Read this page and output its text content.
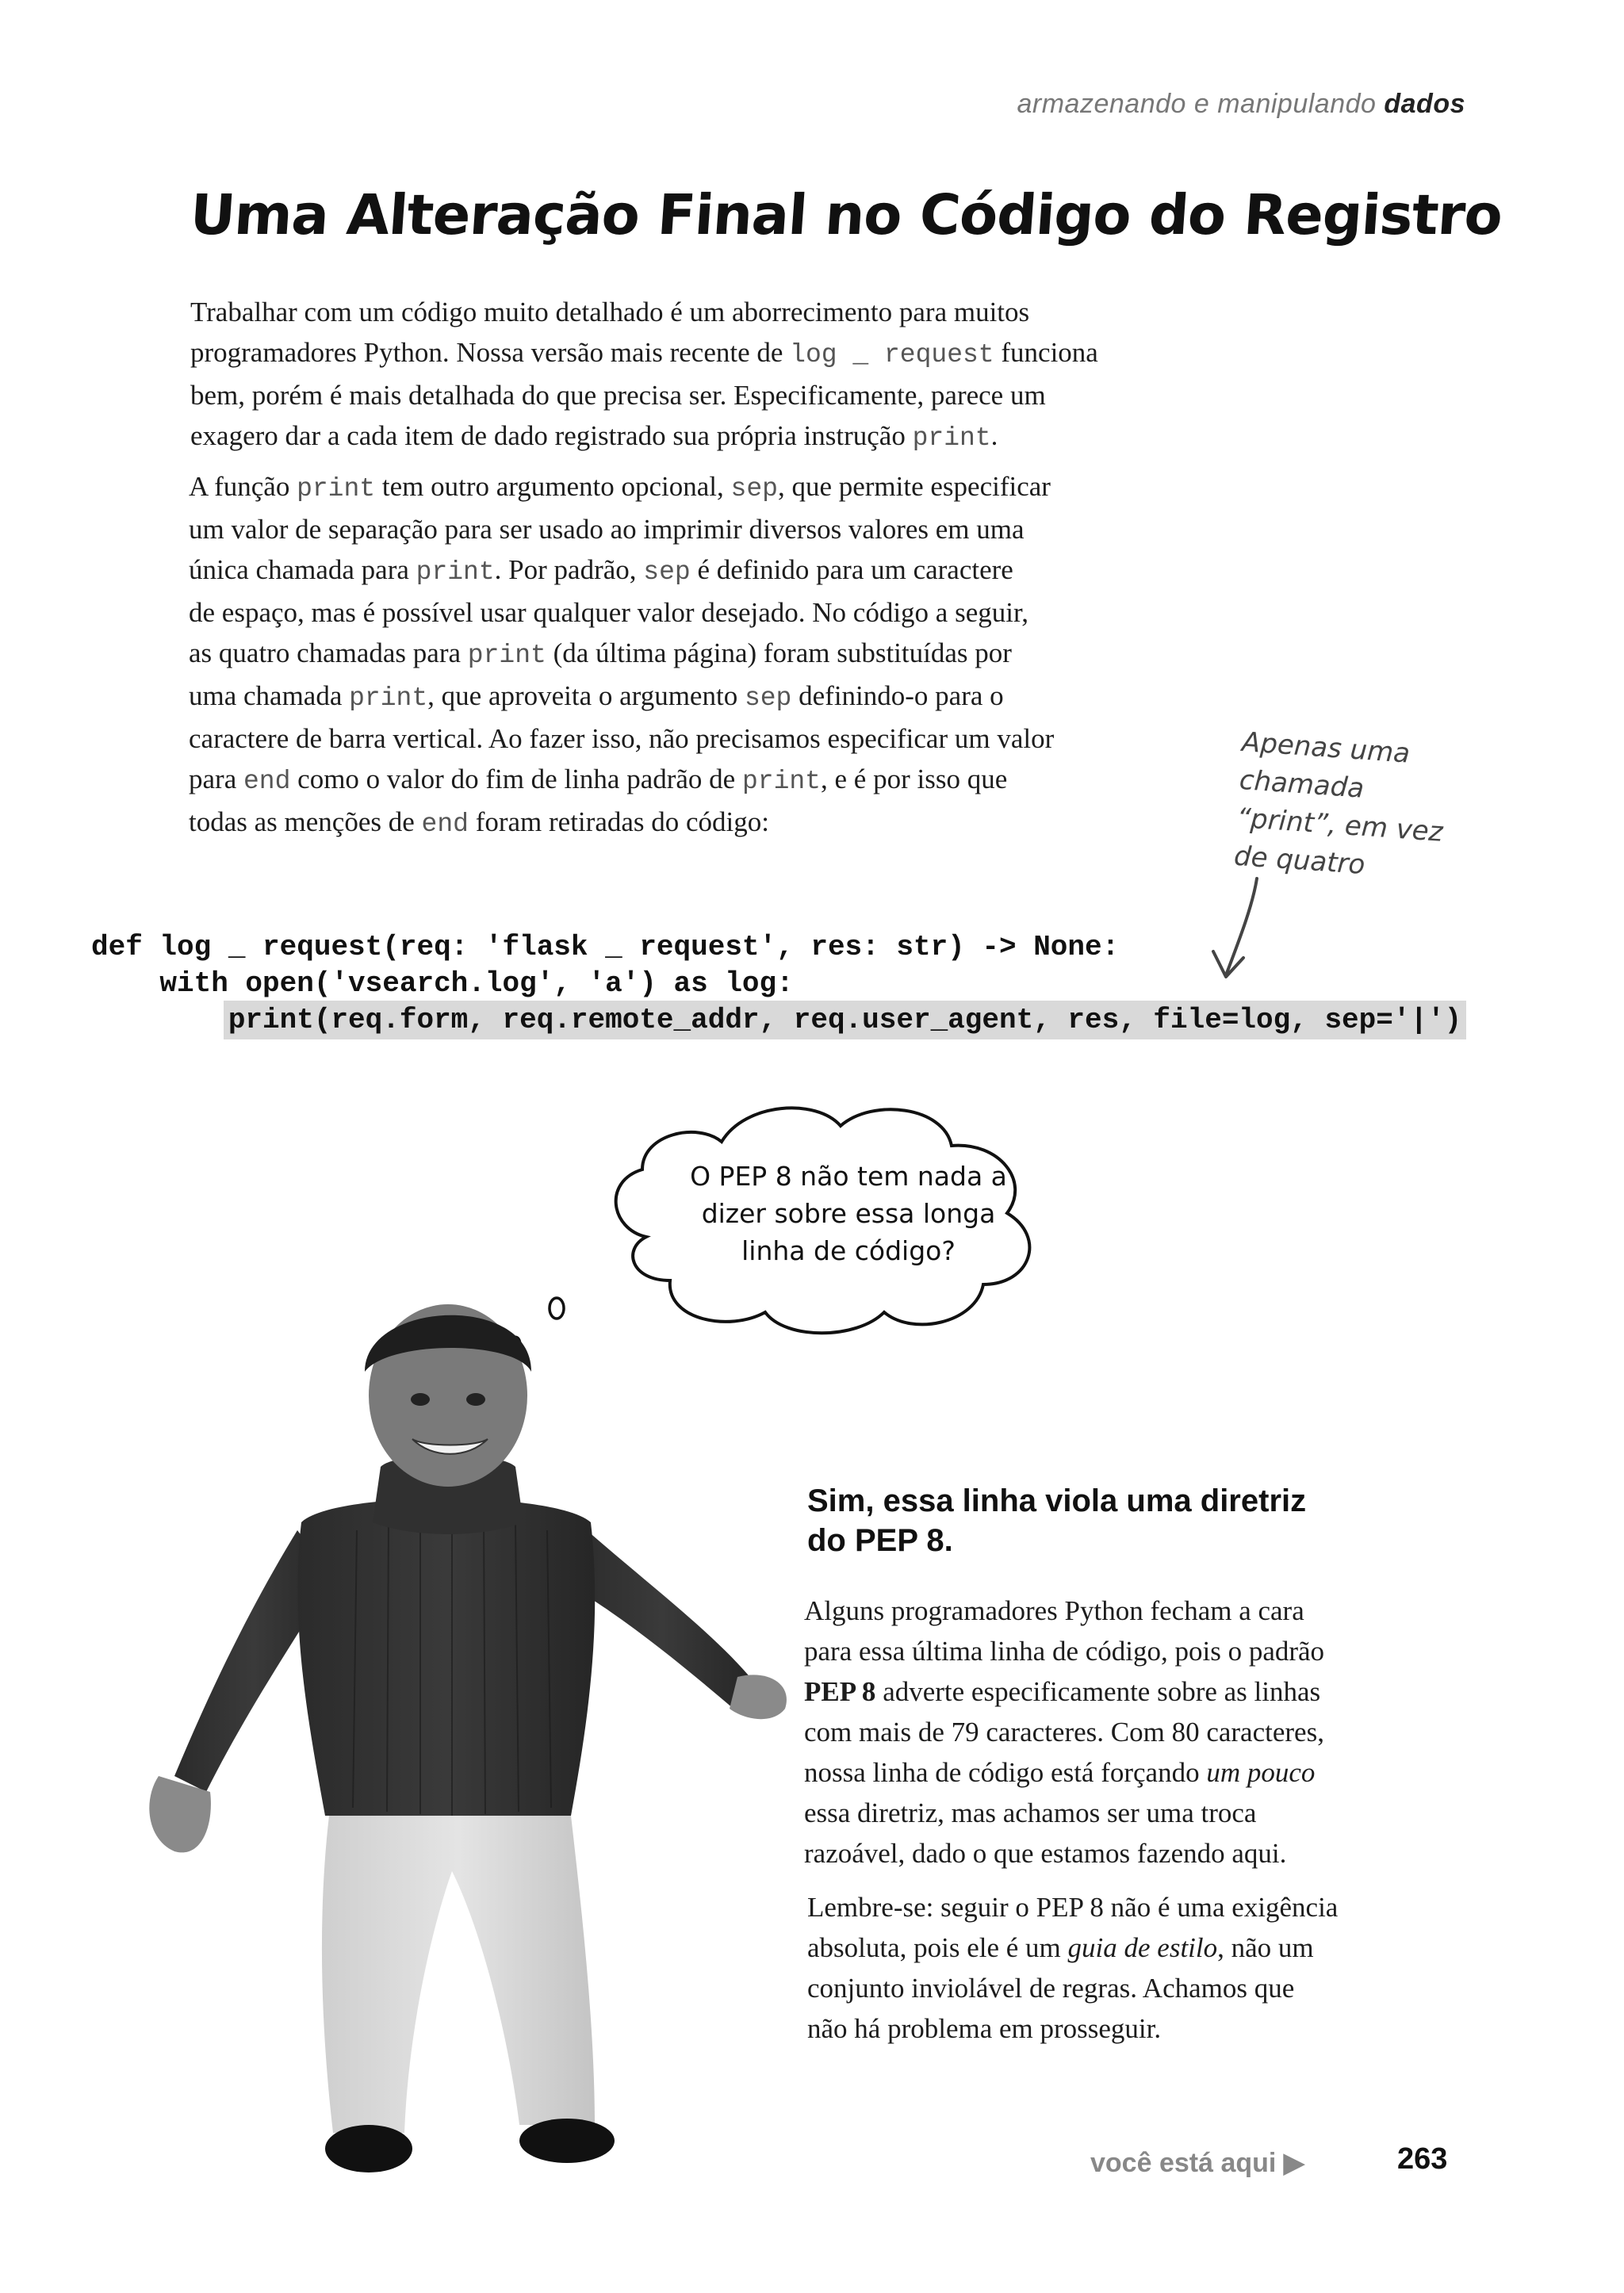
armazenando e manipulando dados
Uma Alteração Final no Código do Registro
Trabalhar com um código muito detalhado é um aborrecimento para muitos
programadores Python. Nossa versão mais recente de log _ request funciona
bem, porém é mais detalhada do que precisa ser. Especificamente, parece um
exagero dar a cada item de dado registrado sua própria instrução print.
A função print tem outro argumento opcional, sep, que permite especificar
um valor de separação para ser usado ao imprimir diversos valores em uma
única chamada para print. Por padrão, sep é definido para um caractere
de espaço, mas é possível usar qualquer valor desejado. No código a seguir,
as quatro chamadas para print (da última página) foram substituídas por
uma chamada print, que aproveita o argumento sep definindo-o para o
caractere de barra vertical. Ao fazer isso, não precisamos especificar um valor
para end como o valor do fim de linha padrão de print, e é por isso que
todas as menções de end foram retiradas do código:
Apenas uma
chamada
“print”, em vez
de quatro
def log _ request(req: 'flask _ request', res: str) -> None:
with open('vsearch.log', 'a') as log:
print(req.form, req.remote_addr, req.user_agent, res, file=log, sep='|')
O PEP 8 não tem nada a
dizer sobre essa longa
linha de código?
Sim, essa linha viola uma diretriz
do PEP 8.
Alguns programadores Python fecham a cara
para essa última linha de código, pois o padrão
PEP 8 adverte especificamente sobre as linhas
com mais de 79 caracteres. Com 80 caracteres,
nossa linha de código está forçando um pouco
essa diretriz, mas achamos ser uma troca
razoável, dado o que estamos fazendo aqui.
Lembre-se: seguir o PEP 8 não é uma exigência
absoluta, pois ele é um guia de estilo, não um
conjunto inviolável de regras. Achamos que
não há problema em prosseguir.
você está aqui ▶	263
